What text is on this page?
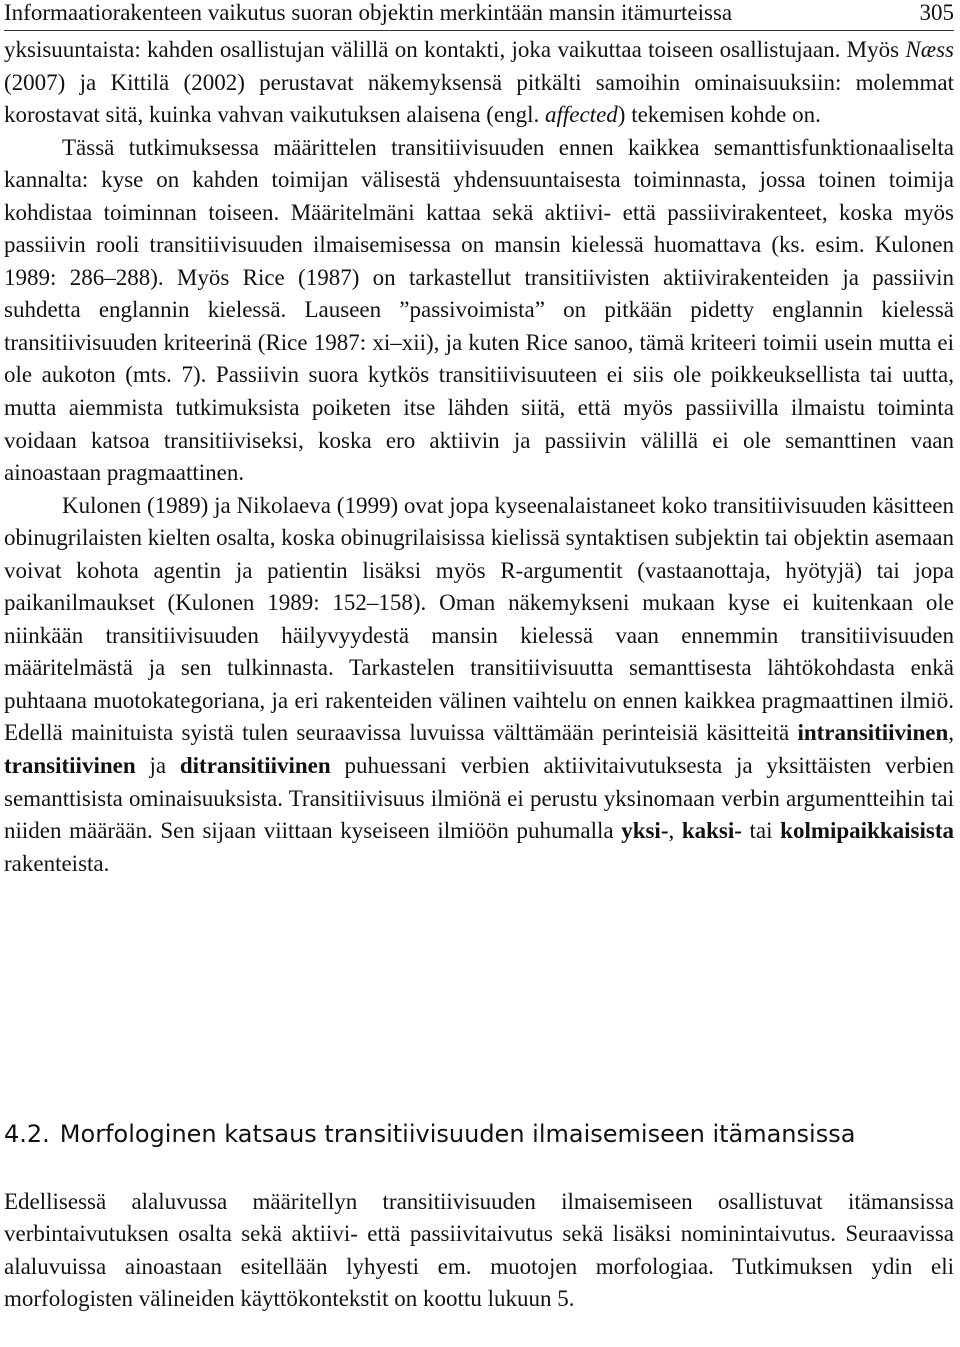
Informaatiorakenteen vaikutus suoran objektin merkintään mansin itämurteissa	305

yksisuuntaista: kahden osallistujan välillä on kontakti, joka vaikuttaa toiseen osallistujaan. Myös Næss (2007) ja Kittilä (2002) perustavat näkemyksensä pitkälti samoihin ominaisuuksiin: molemmat korostavat sitä, kuinka vahvan vaikutuksen alaisena (engl. affected) tekemisen kohde on.

Tässä tutkimuksessa määrittelen transitiivisuuden ennen kaikkea semanttisfunktionaaliselta kannalta: kyse on kahden toimijan välisestä yhdensuuntaisesta toiminnasta, jossa toinen toimija kohdistaa toiminnan toiseen. Määritelmäni kattaa sekä aktiivi- että passiivirakenteet, koska myös passiivin rooli transitiivisuuden ilmaisemisessa on mansin kielessä huomattava (ks. esim. Kulonen 1989: 286–288). Myös Rice (1987) on tarkastellut transitiivisten aktiivirakenteiden ja passiivin suhdetta englannin kielessä. Lauseen ”passivoimista” on pitkään pidetty englannin kielessä transitiivisuuden kriteerinä (Rice 1987: xi–xii), ja kuten Rice sanoo, tämä kriteeri toimii usein mutta ei ole aukoton (mts. 7). Passiivin suora kytkös transitiivisuuteen ei siis ole poikkeuksellista tai uutta, mutta aiemmista tutkimuksista poiketen itse lähden siitä, että myös passiivilla ilmaistu toiminta voidaan katsoa transitiiviseksi, koska ero aktiivin ja passiivin välillä ei ole semanttinen vaan ainoastaan pragmaattinen.

Kulonen (1989) ja Nikolaeva (1999) ovat jopa kyseenalaistaneet koko transitiivisuuden käsitteen obinugrilaisten kielten osalta, koska obinugrilaisissa kielissä syntaktisen subjektin tai objektin asemaan voivat kohota agentin ja patientin lisäksi myös R-argumentit (vastaanottaja, hyötyjä) tai jopa paikanilmaukset (Kulonen 1989: 152–158). Oman näkemykseni mukaan kyse ei kuitenkaan ole niinkään transitiivisuuden häilyvyydestä mansin kielessä vaan ennemmin transitiivisuuden määritelmästä ja sen tulkinnasta. Tarkastelen transitiivisuutta semanttisesta lähtökohdasta enkä puhtaana muotokategoriana, ja eri rakenteiden välinen vaihtelu on ennen kaikkea pragmaattinen ilmiö. Edellä mainituista syistä tulen seuraavissa luvuissa välttämään perinteisiä käsitteitä intransitiivinen, transitiivinen ja ditransitiivinen puhuessani verbien aktiivitaivutuksesta ja yksittäisten verbien semanttisista ominaisuuksista. Transitiivisuus ilmiönä ei perustu yksinomaan verbin argumentteihin tai niiden määrään. Sen sijaan viittaan kyseiseen ilmiöön puhumalla yksi-, kaksi- tai kolmipaikkaisista rakenteista.

4.2. Morfologinen katsaus transitiivisuuden ilmaisemiseen itämansissa

Edellisessä alaluvussa määritellyn transitiivisuuden ilmaisemiseen osallistuvat itämansissa verbintaivutuksen osalta sekä aktiivi- että passiivitaivutus sekä lisäksi nominintaivutus. Seuraavissa alaluvuissa ainoastaan esitellään lyhyesti em. muotojen morfologiaa. Tutkimuksen ydin eli morfologisten välineiden käyttökontekstit on koottu lukuun 5.
